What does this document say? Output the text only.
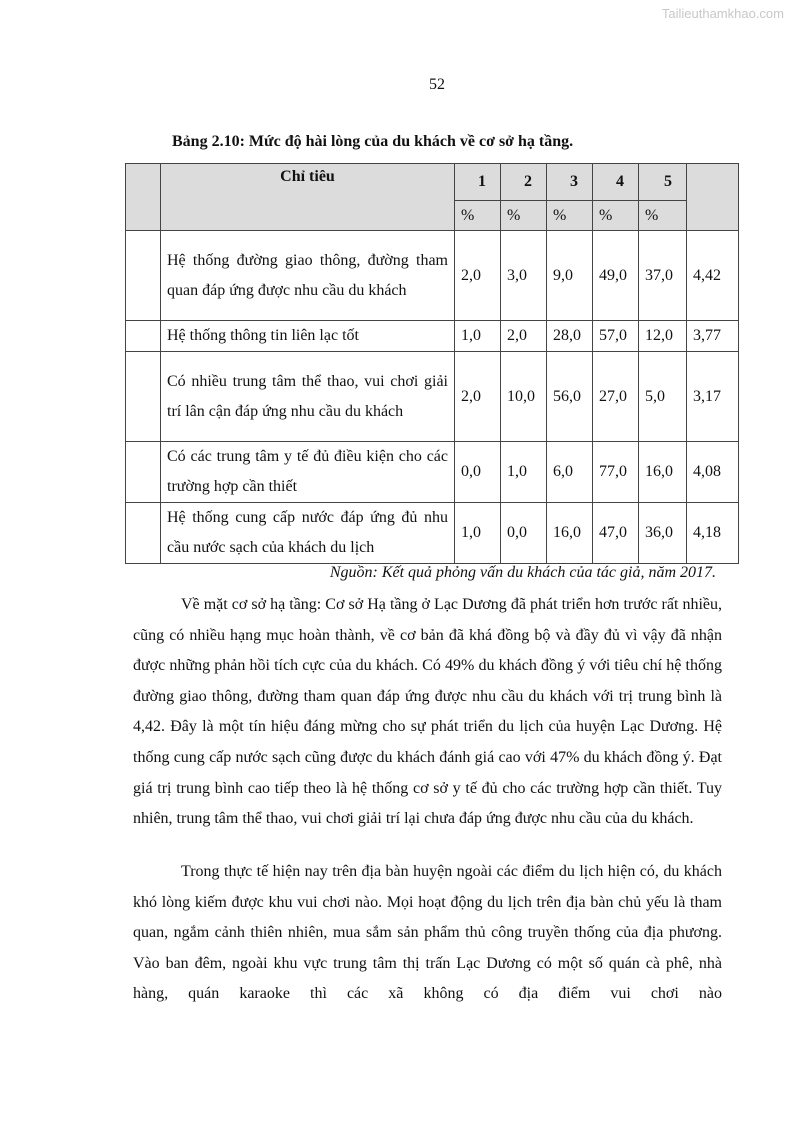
Tailieuthamkhao.com
52
Bảng 2.10: Mức độ hài lòng của du khách về cơ sở hạ tầng.
	Chỉ tiêu	1	2	3	4	5	
		%	%	%	%	%	
	Hệ thống đường giao thông, đường tham quan đáp ứng được nhu cầu du khách	2,0	3,0	9,0	49,0	37,0	4,42
	Hệ thống thông tin liên lạc tốt	1,0	2,0	28,0	57,0	12,0	3,77
	Có nhiều trung tâm thể thao, vui chơi giải trí lân cận đáp ứng nhu cầu du khách	2,0	10,0	56,0	27,0	5,0	3,17
	Có các trung tâm y tế đủ điều kiện cho các trường hợp cần thiết	0,0	1,0	6,0	77,0	16,0	4,08
	Hệ thống cung cấp nước đáp ứng đủ nhu cầu nước sạch của khách du lịch	1,0	0,0	16,0	47,0	36,0	4,18
Nguồn: Kết quả phỏng vấn du khách của tác giả, năm 2017.

Về mặt cơ sở hạ tầng: Cơ sở Hạ tầng ở Lạc Dương đã phát triển hơn trước rất nhiều, cũng có nhiều hạng mục hoàn thành, về cơ bản đã khá đồng bộ và đầy đủ vì vậy đã nhận được những phản hồi tích cực của du khách. Có 49% du khách đồng ý với tiêu chí hệ thống đường giao thông, đường tham quan đáp ứng được nhu cầu du khách với trị trung bình là 4,42. Đây là một tín hiệu đáng mừng cho sự phát triển du lịch của huyện Lạc Dương. Hệ thống cung cấp nước sạch cũng được du khách đánh giá cao với 47% du khách đồng ý. Đạt giá trị trung bình cao tiếp theo là hệ thống cơ sở y tế đủ cho các trường hợp cần thiết. Tuy nhiên, trung tâm thể thao, vui chơi giải trí lại chưa đáp ứng được nhu cầu của du khách.

Trong thực tế hiện nay trên địa bàn huyện ngoài các điểm du lịch hiện có, du khách khó lòng kiếm được khu vui chơi nào. Mọi hoạt động du lịch trên địa bàn chủ yếu là tham quan, ngắm cảnh thiên nhiên, mua sắm sản phẩm thủ công truyền thống của địa phương. Vào ban đêm, ngoài khu vực trung tâm thị trấn Lạc Dương có một số quán cà phê, nhà hàng, quán karaoke thì các xã không có địa điểm vui chơi nào
